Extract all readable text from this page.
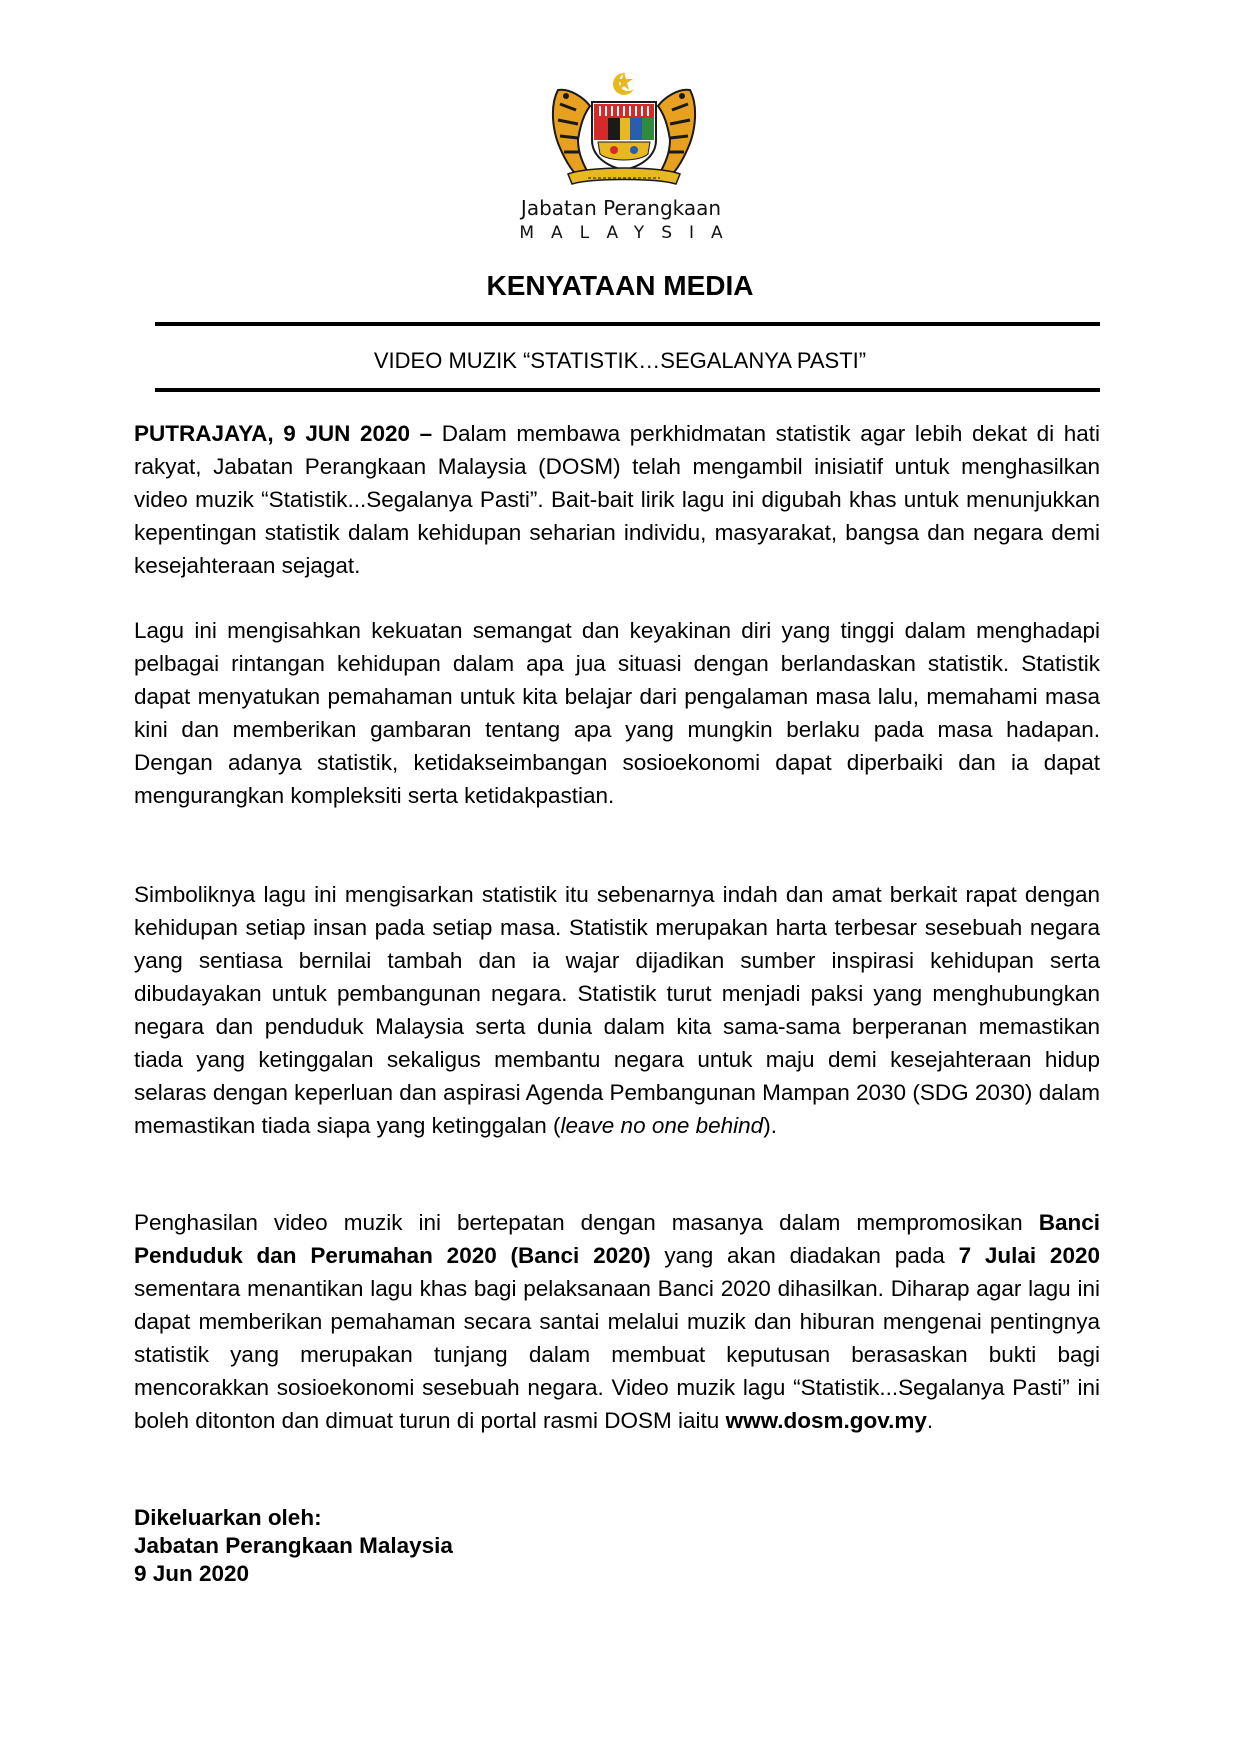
Jabatan Perangkaan
MALAYSIA
KENYATAAN MEDIA
VIDEO MUZIK “STATISTIK…SEGALANYA PASTI”
PUTRAJAYA, 9 JUN 2020 – Dalam membawa perkhidmatan statistik agar lebih dekat di hati rakyat, Jabatan Perangkaan Malaysia (DOSM) telah mengambil inisiatif untuk menghasilkan video muzik “Statistik...Segalanya Pasti”. Bait-bait lirik lagu ini digubah khas untuk menunjukkan kepentingan statistik dalam kehidupan seharian individu, masyarakat, bangsa dan negara demi kesejahteraan sejagat.
Lagu ini mengisahkan kekuatan semangat dan keyakinan diri yang tinggi dalam menghadapi pelbagai rintangan kehidupan dalam apa jua situasi dengan berlandaskan statistik. Statistik dapat menyatukan pemahaman untuk kita belajar dari pengalaman masa lalu, memahami masa kini dan memberikan gambaran tentang apa yang mungkin berlaku pada masa hadapan. Dengan adanya statistik, ketidakseimbangan sosioekonomi dapat diperbaiki dan ia dapat mengurangkan kompleksiti serta ketidakpastian.
Simboliknya lagu ini mengisarkan statistik itu sebenarnya indah dan amat berkait rapat dengan kehidupan setiap insan pada setiap masa. Statistik merupakan harta terbesar sesebuah negara yang sentiasa bernilai tambah dan ia wajar dijadikan sumber inspirasi kehidupan serta dibudayakan untuk pembangunan negara. Statistik turut menjadi paksi yang menghubungkan negara dan penduduk Malaysia serta dunia dalam kita sama-sama berperanan memastikan tiada yang ketinggalan sekaligus membantu negara untuk maju demi kesejahteraan hidup selaras dengan keperluan dan aspirasi Agenda Pembangunan Mampan 2030 (SDG 2030) dalam memastikan tiada siapa yang ketinggalan (leave no one behind).
Penghasilan video muzik ini bertepatan dengan masanya dalam mempromosikan Banci Penduduk dan Perumahan 2020 (Banci 2020) yang akan diadakan pada 7 Julai 2020 sementara menantikan lagu khas bagi pelaksanaan Banci 2020 dihasilkan. Diharap agar lagu ini dapat memberikan pemahaman secara santai melalui muzik dan hiburan mengenai pentingnya statistik yang merupakan tunjang dalam membuat keputusan berasaskan bukti bagi mencorakkan sosioekonomi sesebuah negara. Video muzik lagu “Statistik...Segalanya Pasti” ini boleh ditonton dan dimuat turun di portal rasmi DOSM iaitu www.dosm.gov.my.
Dikeluarkan oleh:
Jabatan Perangkaan Malaysia
9 Jun 2020
